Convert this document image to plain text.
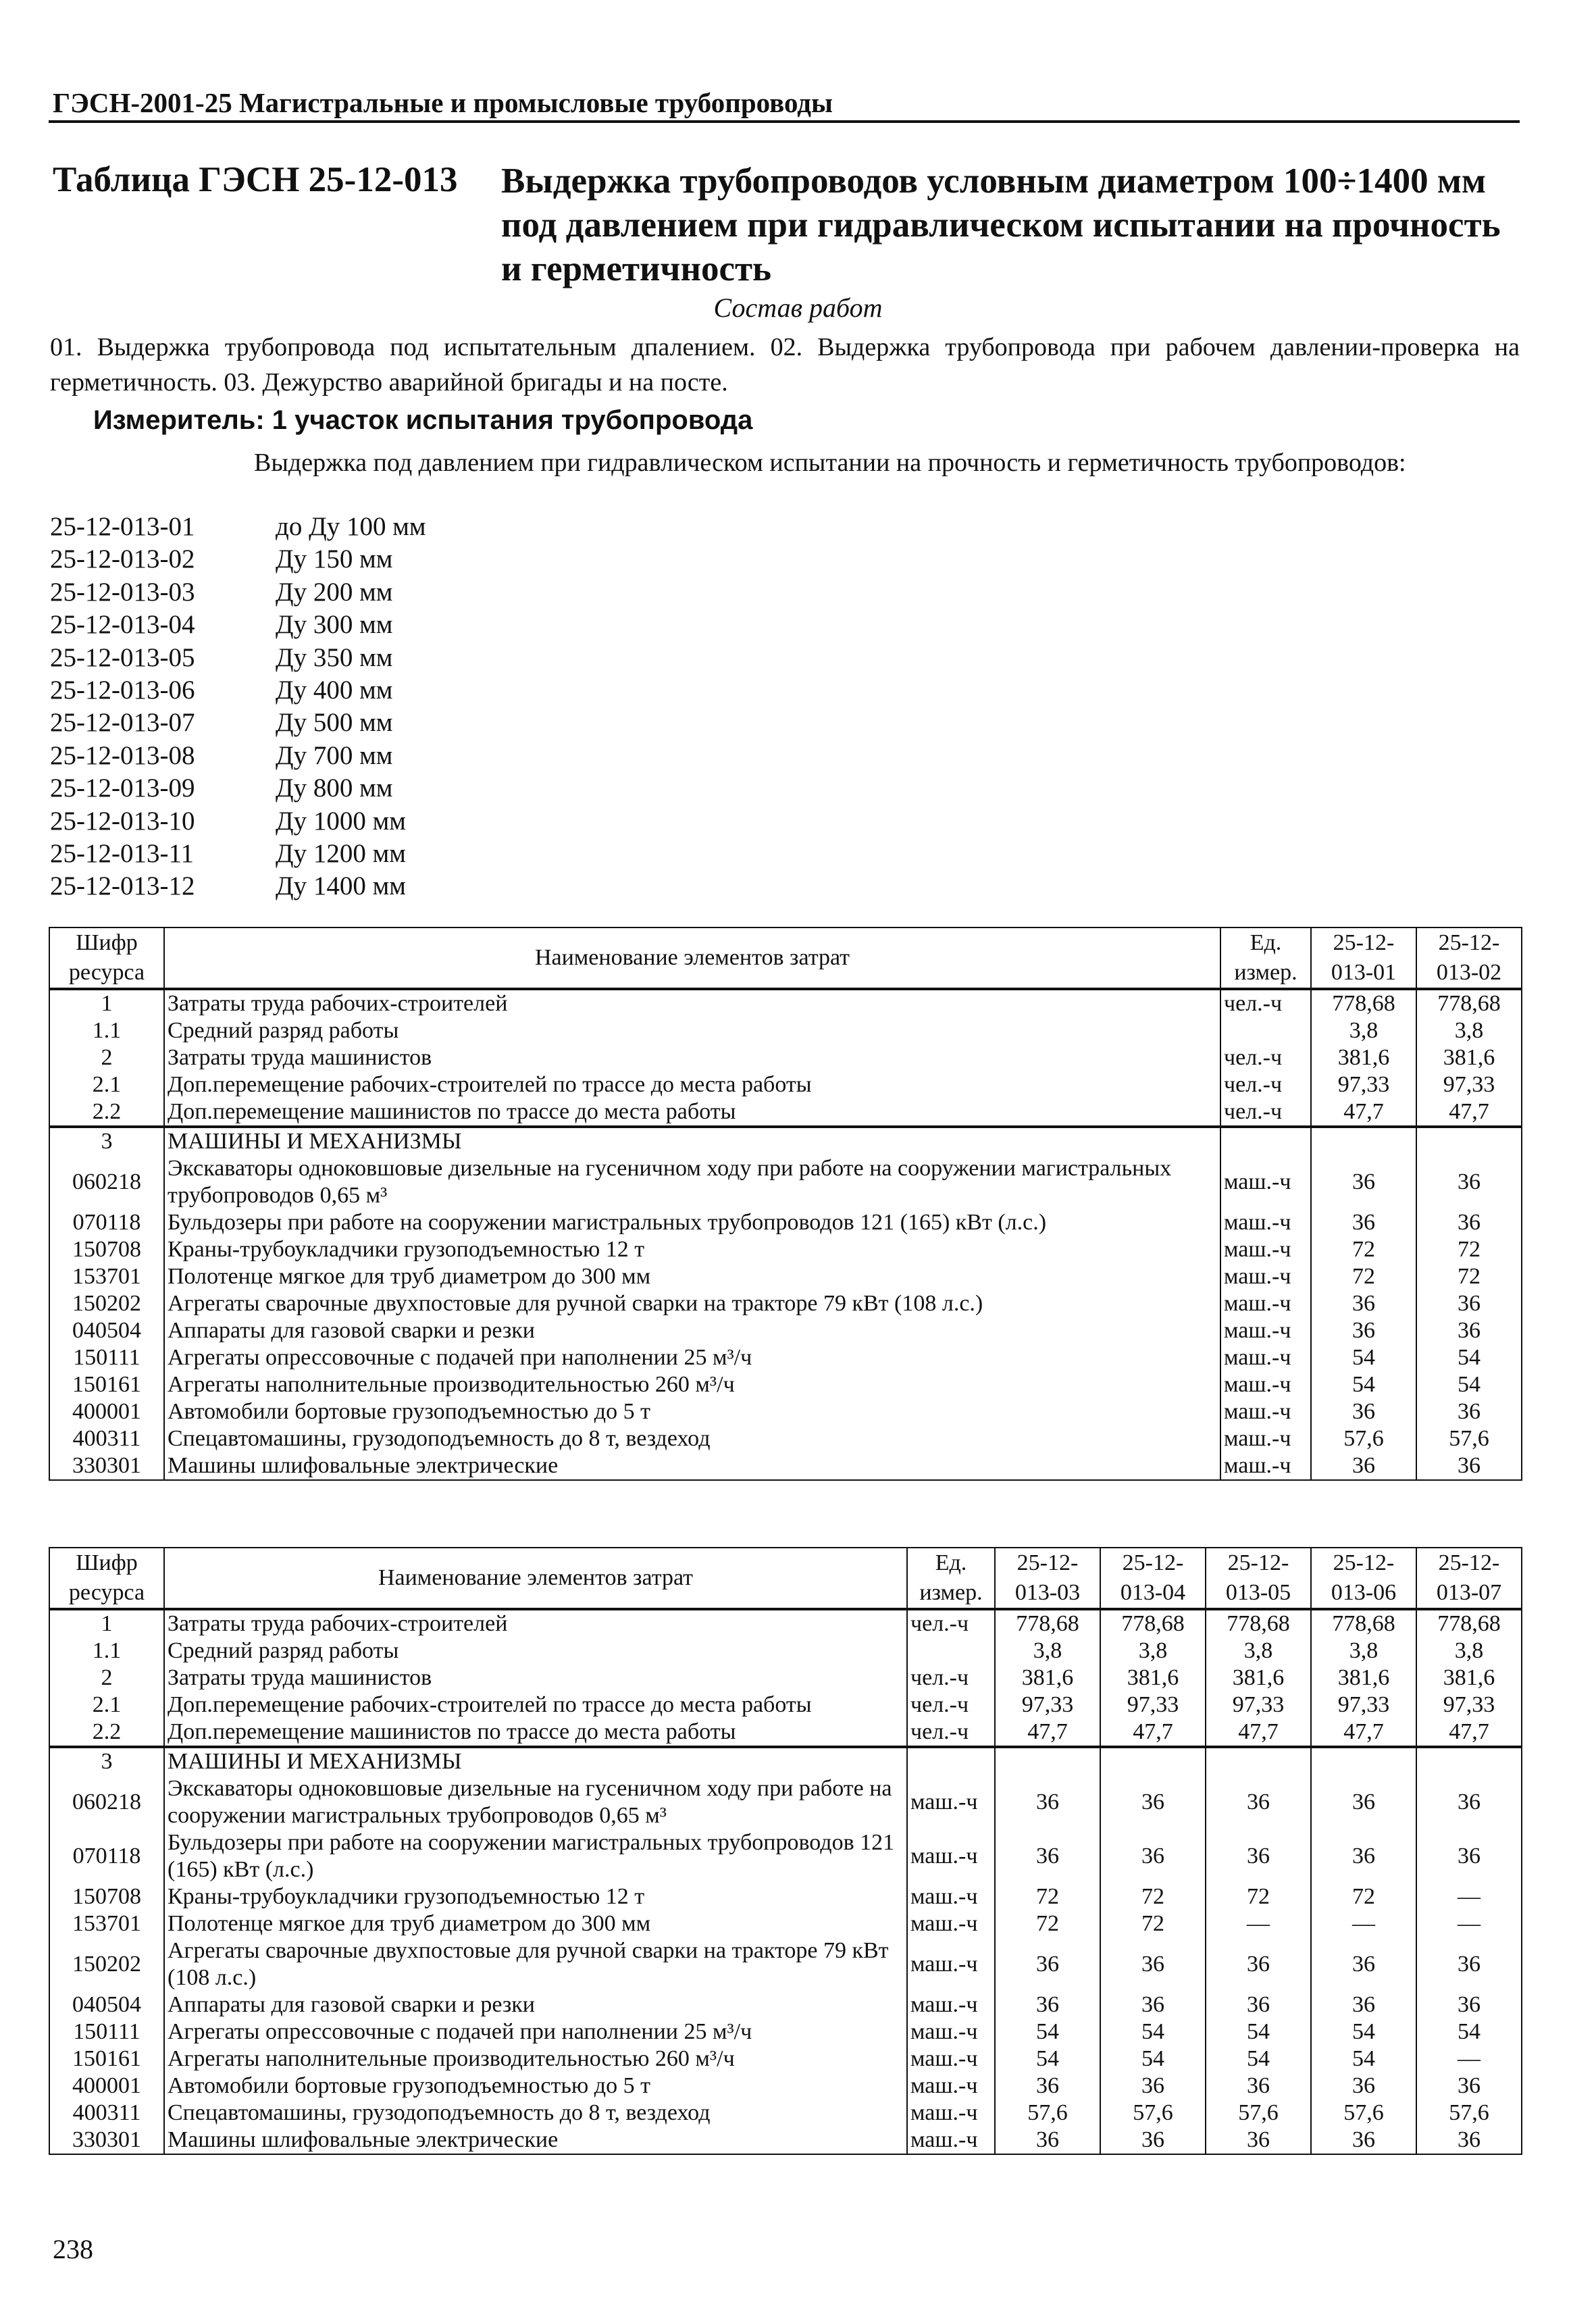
ГЭСН-2001-25 Магистральные и промысловые трубопроводы
Таблица ГЭСН 25-12-013 Выдержка трубопроводов условным диаметром 100÷1400 мм под давлением при гидравлическом испытании на прочность и герметичность
Состав работ
01. Выдержка трубопровода под испытательным дпалением. 02. Выдержка трубопровода при рабочем давлении-проверка на герметичность. 03. Дежурство аварийной бригады и на посте.
Измеритель: 1 участок испытания трубопровода
Выдержка под давлением при гидравлическом испытании на прочность и герметичность трубопроводов:
25-12-013-01	до Ду 100 мм
25-12-013-02	Ду 150 мм
25-12-013-03	Ду 200 мм
25-12-013-04	Ду 300 мм
25-12-013-05	Ду 350 мм
25-12-013-06	Ду 400 мм
25-12-013-07	Ду 500 мм
25-12-013-08	Ду 700 мм
25-12-013-09	Ду 800 мм
25-12-013-10	Ду 1000 мм
25-12-013-11	Ду 1200 мм
25-12-013-12	Ду 1400 мм
Шифр ресурса	Наименование элементов затрат	Ед. измер.	25-12-013-01	25-12-013-02
1	Затраты труда рабочих-строителей	чел.-ч	778,68	778,68
1.1	Средний разряд работы		3,8	3,8
2	Затраты труда машинистов	чел.-ч	381,6	381,6
2.1	Доп.перемещение рабочих-строителей по трассе до места работы	чел.-ч	97,33	97,33
2.2	Доп.перемещение машинистов по трассе до места работы	чел.-ч	47,7	47,7
3	МАШИНЫ И МЕХАНИЗМЫ			
060218	Экскаваторы одноковшовые дизельные на гусеничном ходу при работе на сооружении магистральных трубопроводов 0,65 м³	маш.-ч	36	36
070118	Бульдозеры при работе на сооружении магистральных трубопроводов 121 (165) кВт (л.с.)	маш.-ч	36	36
150708	Краны-трубоукладчики грузоподъемностью 12 т	маш.-ч	72	72
153701	Полотенце мягкое для труб диаметром до 300 мм	маш.-ч	72	72
150202	Агрегаты сварочные двухпостовые для ручной сварки на тракторе 79 кВт (108 л.с.)	маш.-ч	36	36
040504	Аппараты для газовой сварки и резки	маш.-ч	36	36
150111	Агрегаты опрессовочные с подачей при наполнении 25 м³/ч	маш.-ч	54	54
150161	Агрегаты наполнительные производительностью 260 м³/ч	маш.-ч	54	54
400001	Автомобили бортовые грузоподъемностью до 5 т	маш.-ч	36	36
400311	Спецавтомашины, грузодоподъемность до 8 т, вездеход	маш.-ч	57,6	57,6
330301	Машины шлифовальные электрические	маш.-ч	36	36
Шифр ресурса	Наименование элементов затрат	Ед. измер.	25-12-013-03	25-12-013-04	25-12-013-05	25-12-013-06	25-12-013-07
1	Затраты труда рабочих-строителей	чел.-ч	778,68	778,68	778,68	778,68	778,68
1.1	Средний разряд работы		3,8	3,8	3,8	3,8	3,8
2	Затраты труда машинистов	чел.-ч	381,6	381,6	381,6	381,6	381,6
2.1	Доп.перемещение рабочих-строителей по трассе до места работы	чел.-ч	97,33	97,33	97,33	97,33	97,33
2.2	Доп.перемещение машинистов по трассе до места работы	чел.-ч	47,7	47,7	47,7	47,7	47,7
3	МАШИНЫ И МЕХАНИЗМЫ						
060218	Экскаваторы одноковшовые дизельные на гусеничном ходу при работе на сооружении магистральных трубопроводов 0,65 м³	маш.-ч	36	36	36	36	36
070118	Бульдозеры при работе на сооружении магистральных трубопроводов 121 (165) кВт (л.с.)	маш.-ч	36	36	36	36	36
150708	Краны-трубоукладчики грузоподъемностью 12 т	маш.-ч	72	72	72	72	—
153701	Полотенце мягкое для труб диаметром до 300 мм	маш.-ч	72	72	—	—	—
150202	Агрегаты сварочные двухпостовые для ручной сварки на тракторе 79 кВт (108 л.с.)	маш.-ч	36	36	36	36	36
040504	Аппараты для газовой сварки и резки	маш.-ч	36	36	36	36	36
150111	Агрегаты опрессовочные с подачей при наполнении 25 м³/ч	маш.-ч	54	54	54	54	54
150161	Агрегаты наполнительные производительностью 260 м³/ч	маш.-ч	54	54	54	54	—
400001	Автомобили бортовые грузоподъемностью до 5 т	маш.-ч	36	36	36	36	36
400311	Спецавтомашины, грузодоподъемность до 8 т, вездеход	маш.-ч	57,6	57,6	57,6	57,6	57,6
330301	Машины шлифовальные электрические	маш.-ч	36	36	36	36	36
238
